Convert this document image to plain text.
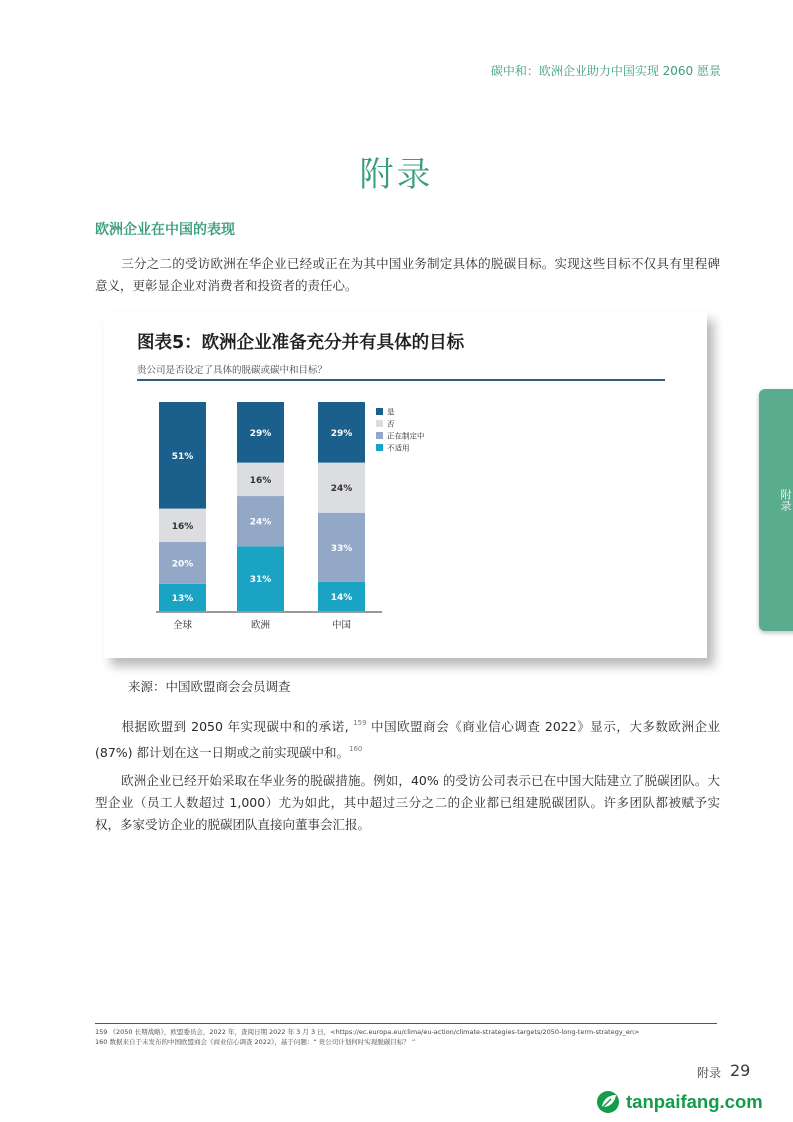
碳中和：欧洲企业助力中国实现 2060 愿景
附录
欧洲企业在中国的表现
三分之二的受访欧洲在华企业已经或正在为其中国业务制定具体的脱碳目标。实现这些目标不仅具有里程碑意义，更彰显企业对消费者和投资者的责任心。
图表5：欧洲企业准备充分并有具体的目标
贵公司是否设定了具体的脱碳或碳中和目标？
13%
20%
16%
51%
31%
24%
16%
29%
14%
33%
24%
29%
全球	欧洲	中国
是
否
正在制定中
不适用
来源：中国欧盟商会会员调查
根据欧盟到 2050 年实现碳中和的承诺, $^{159}$ 中国欧盟商会《商业信心调查 2022》显示，大多数欧洲企业 (87%) 都计划在这一日期或之前实现碳中和。$^{160}$
欧洲企业已经开始采取在华业务的脱碳措施。例如，40% 的受访公司表示已在中国大陆建立了脱碳团队。大型企业（员工人数超过 1,000）尤为如此，其中超过三分之二的企业都已组建脱碳团队。许多团队都被赋予实权，多家受访企业的脱碳团队直接向董事会汇报。
附录
159 《2050 长期战略》，欧盟委员会，2022 年，查阅日期 2022 年 3 月 3 日，<https://ec.europa.eu/clima/eu-action/climate-strategies-targets/2050-long-term-strategy_en>
160 数据来自于未发布的中国欧盟商会《商业信心调查 2022》，基于问题：“ 贵公司计划何时实现脱碳目标？ ”
附录 29
tanpaifang.com
